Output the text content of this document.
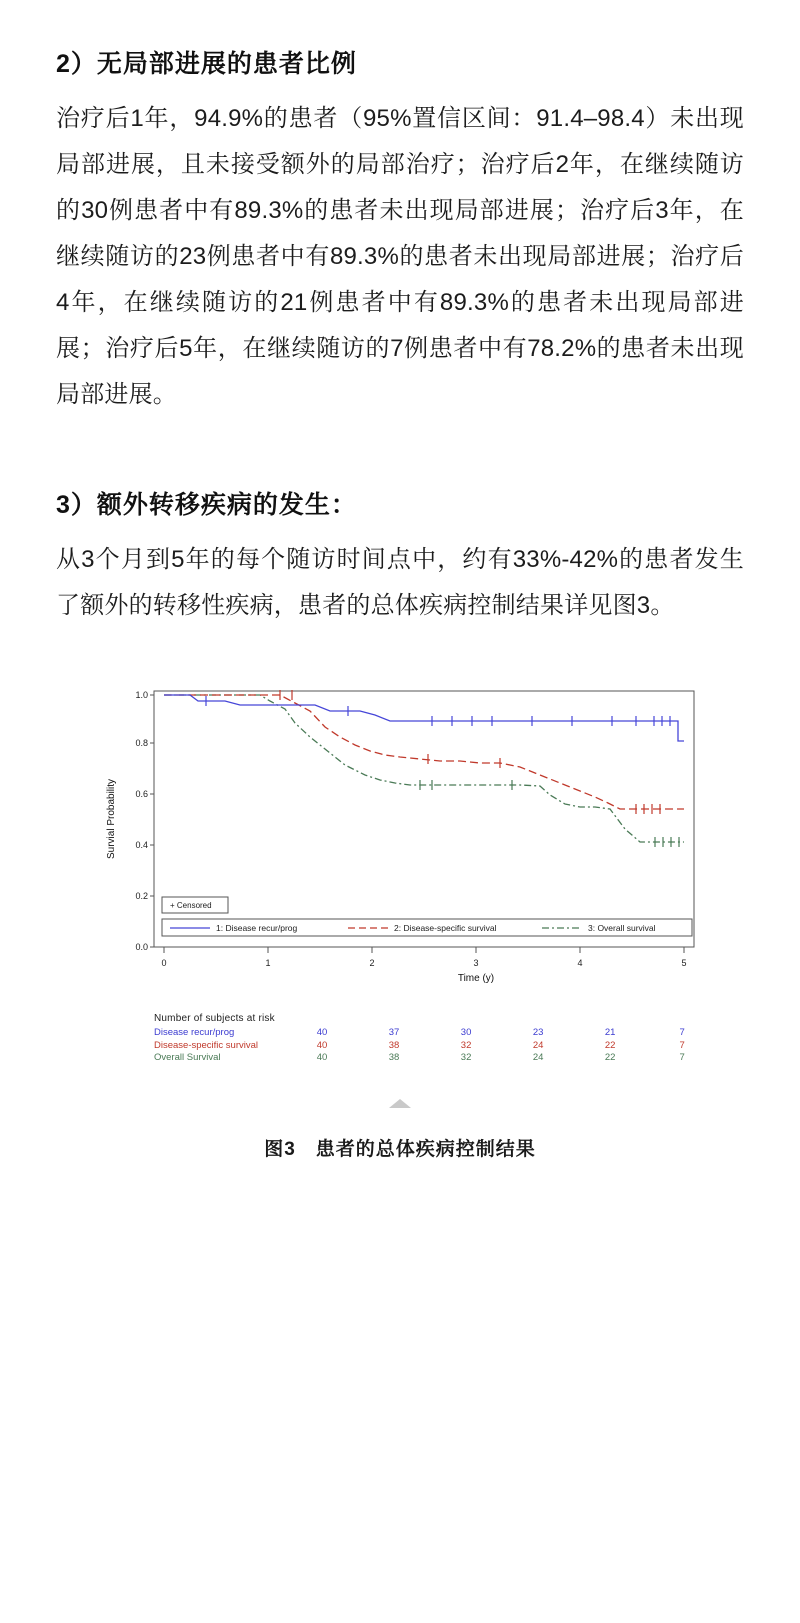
2）无局部进展的患者比例

治疗后1年，94.9%的患者（95%置信区间：91.4–98.4）未出现局部进展，且未接受额外的局部治疗；治疗后2年，在继续随访的30例患者中有89.3%的患者未出现局部进展；治疗后3年，在继续随访的23例患者中有89.3%的患者未出现局部进展；治疗后4年，在继续随访的21例患者中有89.3%的患者未出现局部进展；治疗后5年，在继续随访的7例患者中有78.2%的患者未出现局部进展。

3）额外转移疾病的发生：

从3个月到5年的每个随访时间点中，约有33%-42%的患者发生了额外的转移性疾病，患者的总体疾病控制结果详见图3。

0.0
0.2
0.4
0.6
0.8
1.0
Survial Probability
0	1	2	3	4	5
Time (y)
+ Censored
1: Disease recur/prog	2: Disease-specific survival	3: Overall survival
Number of subjects at risk
Disease recur/prog	40	37	30	23	21	7
Disease-specific survival	40	38	32	24	22	7
Overall Survival	40	38	32	24	22	7
图3　患者的总体疾病控制结果
